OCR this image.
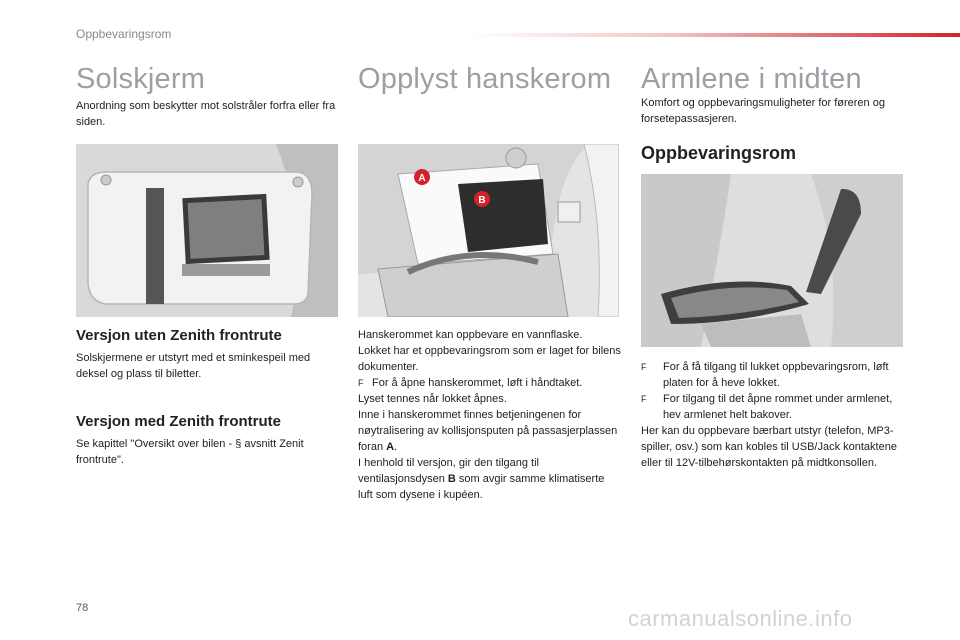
Oppbevaringsrom
Solskjerm

Anordning som beskytter mot solstråler forfra eller fra siden.

Versjon uten Zenith frontrute

Solskjermene er utstyrt med et sminkespeil med deksel og plass til biletter.

Versjon med Zenith frontrute

Se kapittel "Oversikt over bilen - § avsnitt Zenit frontrute".

Opplyst hanskerom
A
B

Hanskerommet kan oppbevare en vannflaske.
Lokket har et oppbevaringsrom som er laget for bilens dokumenter.
F For å åpne hanskerommet, løft i håndtaket.
Lyset tennes når lokket åpnes.
Inne i hanskerommet finnes betjeningenen for nøytralisering av kollisjonsputen på passasjerplassen foran A.
I henhold til versjon, gir den tilgang til ventilasjonsdysen B som avgir samme klimatiserte luft som dysene i kupéen.

Armlene i midten

Komfort og oppbevaringsmuligheter for føreren og forsetepassasjeren.

Oppbevaringsrom

F For å få tilgang til lukket oppbevaringsrom, løft platen for å heve lokket.
F For tilgang til det åpne rommet under armlenet, hev armlenet helt bakover.
Her kan du oppbevare bærbart utstyr (telefon, MP3-spiller, osv.) som kan kobles til USB/Jack kontaktene eller til 12V-tilbehørskontakten på midtkonsollen.

78	carmanualsonline.info
